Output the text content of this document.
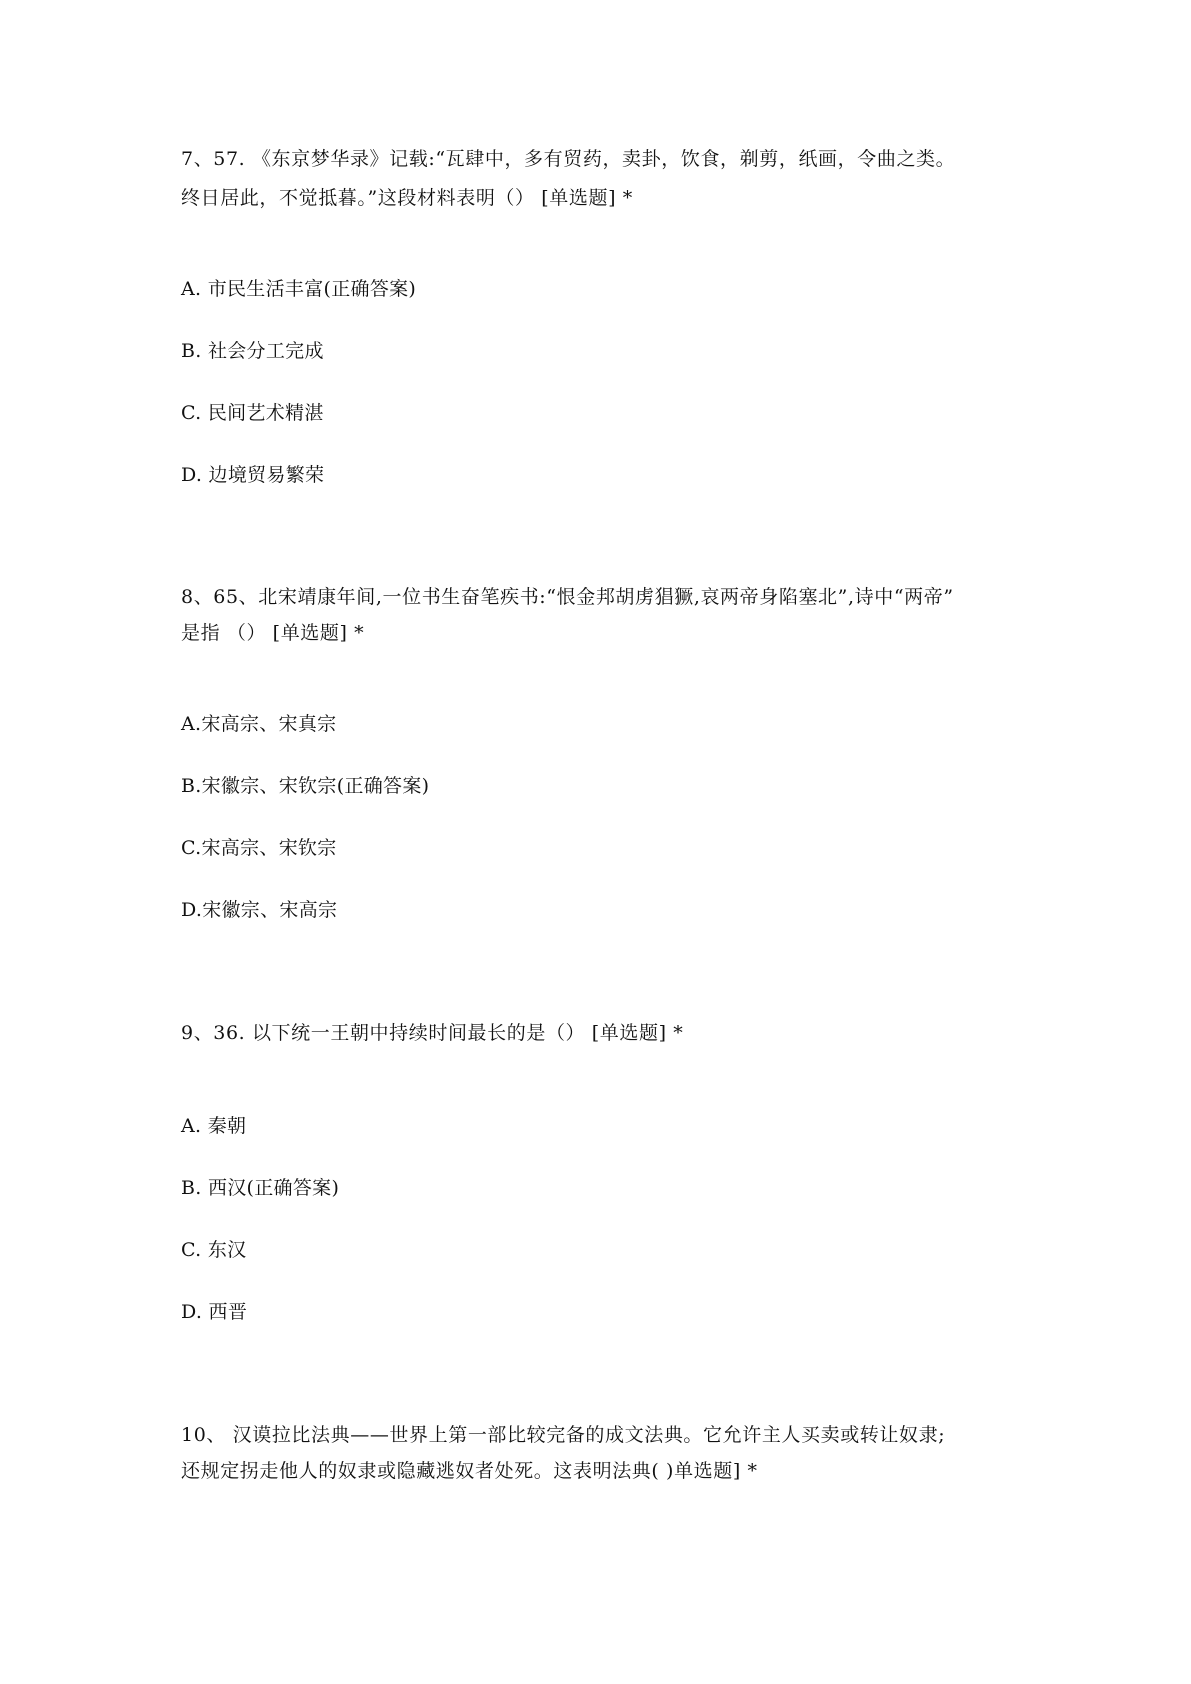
7、57. 《东京梦华录》记载:“瓦肆中，多有贸药，卖卦，饮食，剃剪，纸画，令曲之类。
终日居此，不觉抵暮。”这段材料表明（） [单选题] *
A. 市民生活丰富(正确答案)
B. 社会分工完成
C. 民间艺术精湛
D. 边境贸易繁荣
8、65、北宋靖康年间,一位书生奋笔疾书:“恨金邦胡虏猖獗,哀两帝身陷塞北”,诗中“两帝”
是指 （） [单选题] *
A.宋高宗、宋真宗
B.宋徽宗、宋钦宗(正确答案)
C.宋高宗、宋钦宗
D.宋徽宗、宋高宗
9、36. 以下统一王朝中持续时间最长的是（） [单选题] *
A. 秦朝
B. 西汉(正确答案)
C. 东汉
D. 西晋
10、 汉谟拉比法典——世界上第一部比较完备的成文法典。它允许主人买卖或转让奴隶;
还规定拐走他人的奴隶或隐藏逃奴者处死。这表明法典( )单选题] *
